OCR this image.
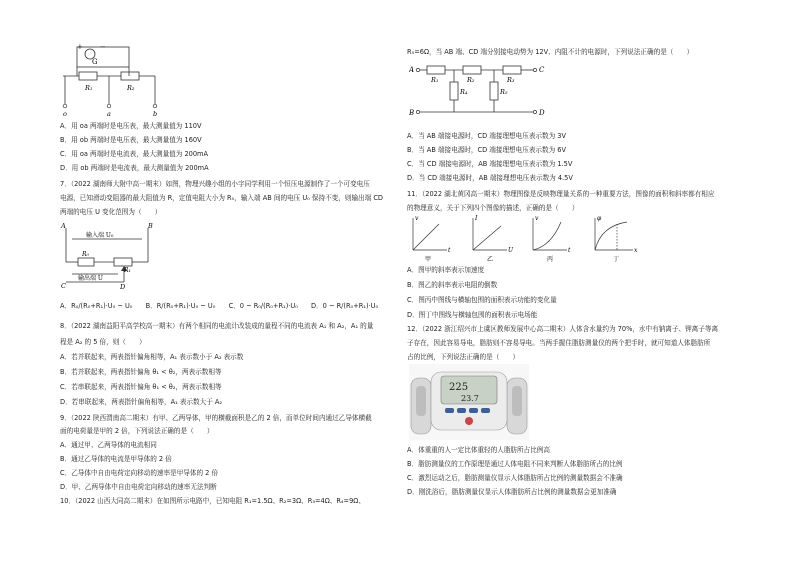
+ −
G
R₁	R₂
o	a	b
A．用 oa 两端时是电压表，最大测量值为 110V
B．用 ob 两端时是电压表，最大测量值为 160V
C．用 oa 两端时是电流表，最大测量值为 200mA
D．用 ob 两端时是电流表，最大测量值为 200mA
7．（2022 湖南师大附中高一期末）如图，物理兴趣小组的小宇同学利用一个恒压电源制作了一个可变电压
电源，已知滑动变阻器的最大阻值为 R，定值电阻大小为 R₀，输入端 AB 间的电压 U₀ 保持不变，则输出端 CD
两端的电压 U 变化范围为（　　）
A	B
输入端 U₀
R₀
R₁
输出端 U
C	D
A．R₀/(R₀+R₁)·U₀ ~ U₀　　B．R/(R₀+R₁)·U₀ ~ U₀　　C．0 ~ R₀/(R₀+R₁)·U₀　　D．0 ~ R/(R₀+R₁)·U₀
8．（2022 湖南益阳平高学校高一期末）有两个相同的电流计改装成的量程不同的电流表 A₁ 和 A₂，A₁ 的量
程是 A₂ 的 5 倍，则（　　）
A．若并联起来，两表指针偏角相等，A₁ 表示数小于 A₂ 表示数
B．若并联起来，两表指针偏角 θ₁ < θ₂，两表示数相等
C．若串联起来，两表指针偏角 θ₁ < θ₂，两表示数相等
D．若串联起来，两表指针偏角相等，A₁ 表示数大于 A₂
9．（2022 陕西渭南高二期末）有甲、乙两导体，甲的横截面积是乙的 2 倍，而单位时间内通过乙导体横截
面的电荷量是甲的 2 倍，下列说法正确的是（　　）
A．通过甲、乙两导体的电流相同
B．通过乙导体的电流是甲导体的 2 倍
C．乙导体中自由电荷定向移动的速率是甲导体的 2 倍
D．甲、乙两导体中自由电荷定向移动的速率无法判断
10．（2022 山西大同高二期末）在如图所示电路中，已知电阻 R₁=1.5Ω、R₂=3Ω、R₃=4Ω、R₄=9Ω、
R₅=6Ω，当 AB 端、CD 端分别接电动势为 12V、内阻不计的电源时，下列说法正确的是（　　）
A	C
B	D
R₁	R₂	R₃
R₄	R₅
A．当 AB 端接电源时，CD 端接理想电压表示数为 3V
B．当 AB 端接电源时，CD 端接理想电压表示数为 6V
C．当 CD 端接电源时，AB 端接理想电压表示数为 1.5V
D．当 CD 端接电源时，AB 端接理想电压表示数为 4.5V
11．（2022 湖北黄冈高一期末）物理图像是反映物理量关系的一种重要方法，图像的面积和斜率都有相应
的物理意义，关于下列四个图像的描述，正确的是（　　）
v
t
甲
I
U
乙
v
t
丙
φ
x
丁
A．图甲的斜率表示加速度
B．图乙的斜率表示电阻的倒数
C．图丙中图线与横轴包围的面积表示功能的变化量
D．图丁中图线与横轴包围的面积表示电场能
12．（2022 浙江绍兴市上虞区教师发展中心高二期末）人体含水量约为 70%，水中有钠离子、钾离子等离
子存在，因此容易导电，脂肪则不容易导电。当两手握住脂肪测量仪的两个把手时，就可知道人体脂肪所
占的比例，下列说法正确的是（　　）
225
23.7
A．体重重的人一定比体重轻的人脂肪所占比例高
B．脂肪测量仪的工作原理是通过人体电阻不同来判断人体脂肪所占的比例
C．激烈运动之后，脂肪测量仪显示人体脂肪所占比例的测量数据会不准确
D．刚洗浴后，脂肪测量仪显示人体脂肪所占比例的测量数据会更加准确
